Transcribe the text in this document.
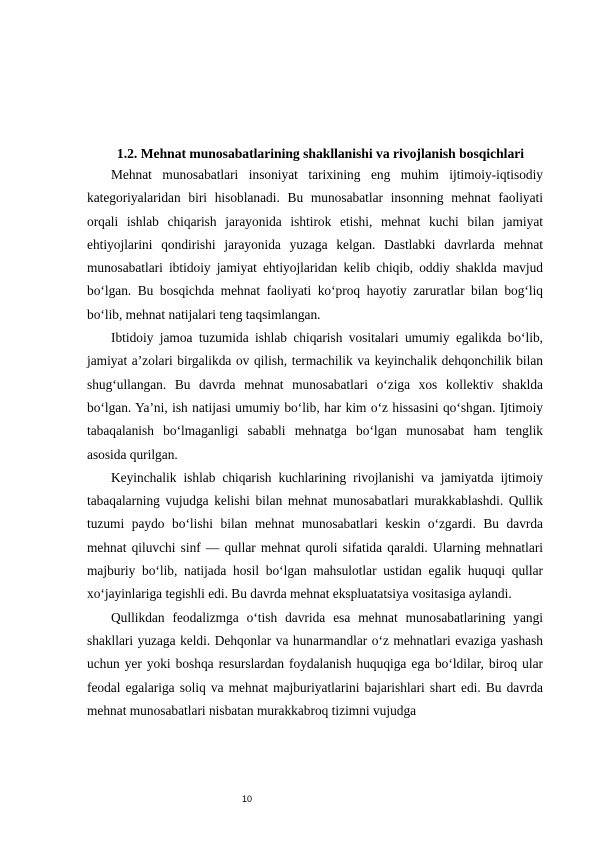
1.2. Mehnat munosabatlarining shakllanishi va rivojlanish bosqichlari

Mehnat munosabatlari insoniyat tarixining eng muhim ijtimoiy-iqtisodiy kategoriyalaridan biri hisoblanadi. Bu munosabatlar insonning mehnat faoliyati orqali ishlab chiqarish jarayonida ishtirok etishi, mehnat kuchi bilan jamiyat ehtiyojlarini qondirishi jarayonida yuzaga kelgan. Dastlabki davrlarda mehnat munosabatlari ibtidoiy jamiyat ehtiyojlaridan kelib chiqib, oddiy shaklda mavjud bo‘lgan. Bu bosqichda mehnat faoliyati ko‘proq hayotiy zaruratlar bilan bog‘liq bo‘lib, mehnat natijalari teng taqsimlangan.

Ibtidoiy jamoa tuzumida ishlab chiqarish vositalari umumiy egalikda bo‘lib, jamiyat a’zolari birgalikda ov qilish, termachilik va keyinchalik dehqonchilik bilan shug‘ullangan. Bu davrda mehnat munosabatlari o‘ziga xos kollektiv shaklda bo‘lgan. Ya’ni, ish natijasi umumiy bo‘lib, har kim o‘z hissasini qo‘shgan. Ijtimoiy tabaqalanish bo‘lmaganligi sababli mehnatga bo‘lgan munosabat ham tenglik asosida qurilgan.

Keyinchalik ishlab chiqarish kuchlarining rivojlanishi va jamiyatda ijtimoiy tabaqalarning vujudga kelishi bilan mehnat munosabatlari murakkablashdi. Qullik tuzumi paydo bo‘lishi bilan mehnat munosabatlari keskin o‘zgardi. Bu davrda mehnat qiluvchi sinf — qullar mehnat quroli sifatida qaraldi. Ularning mehnatlari majburiy bo‘lib, natijada hosil bo‘lgan mahsulotlar ustidan egalik huquqi qullar xo‘jayinlariga tegishli edi. Bu davrda mehnat ekspluatatsiya vositasiga aylandi.

Qullikdan feodalizmga o‘tish davrida esa mehnat munosabatlarining yangi shakllari yuzaga keldi. Dehqonlar va hunarmandlar o‘z mehnatlari evaziga yashash uchun yer yoki boshqa resurslardan foydalanish huquqiga ega bo‘ldilar, biroq ular feodal egalariga soliq va mehnat majburiyatlarini bajarishlari shart edi. Bu davrda mehnat munosabatlari nisbatan murakkabroq tizimni vujudga

10
